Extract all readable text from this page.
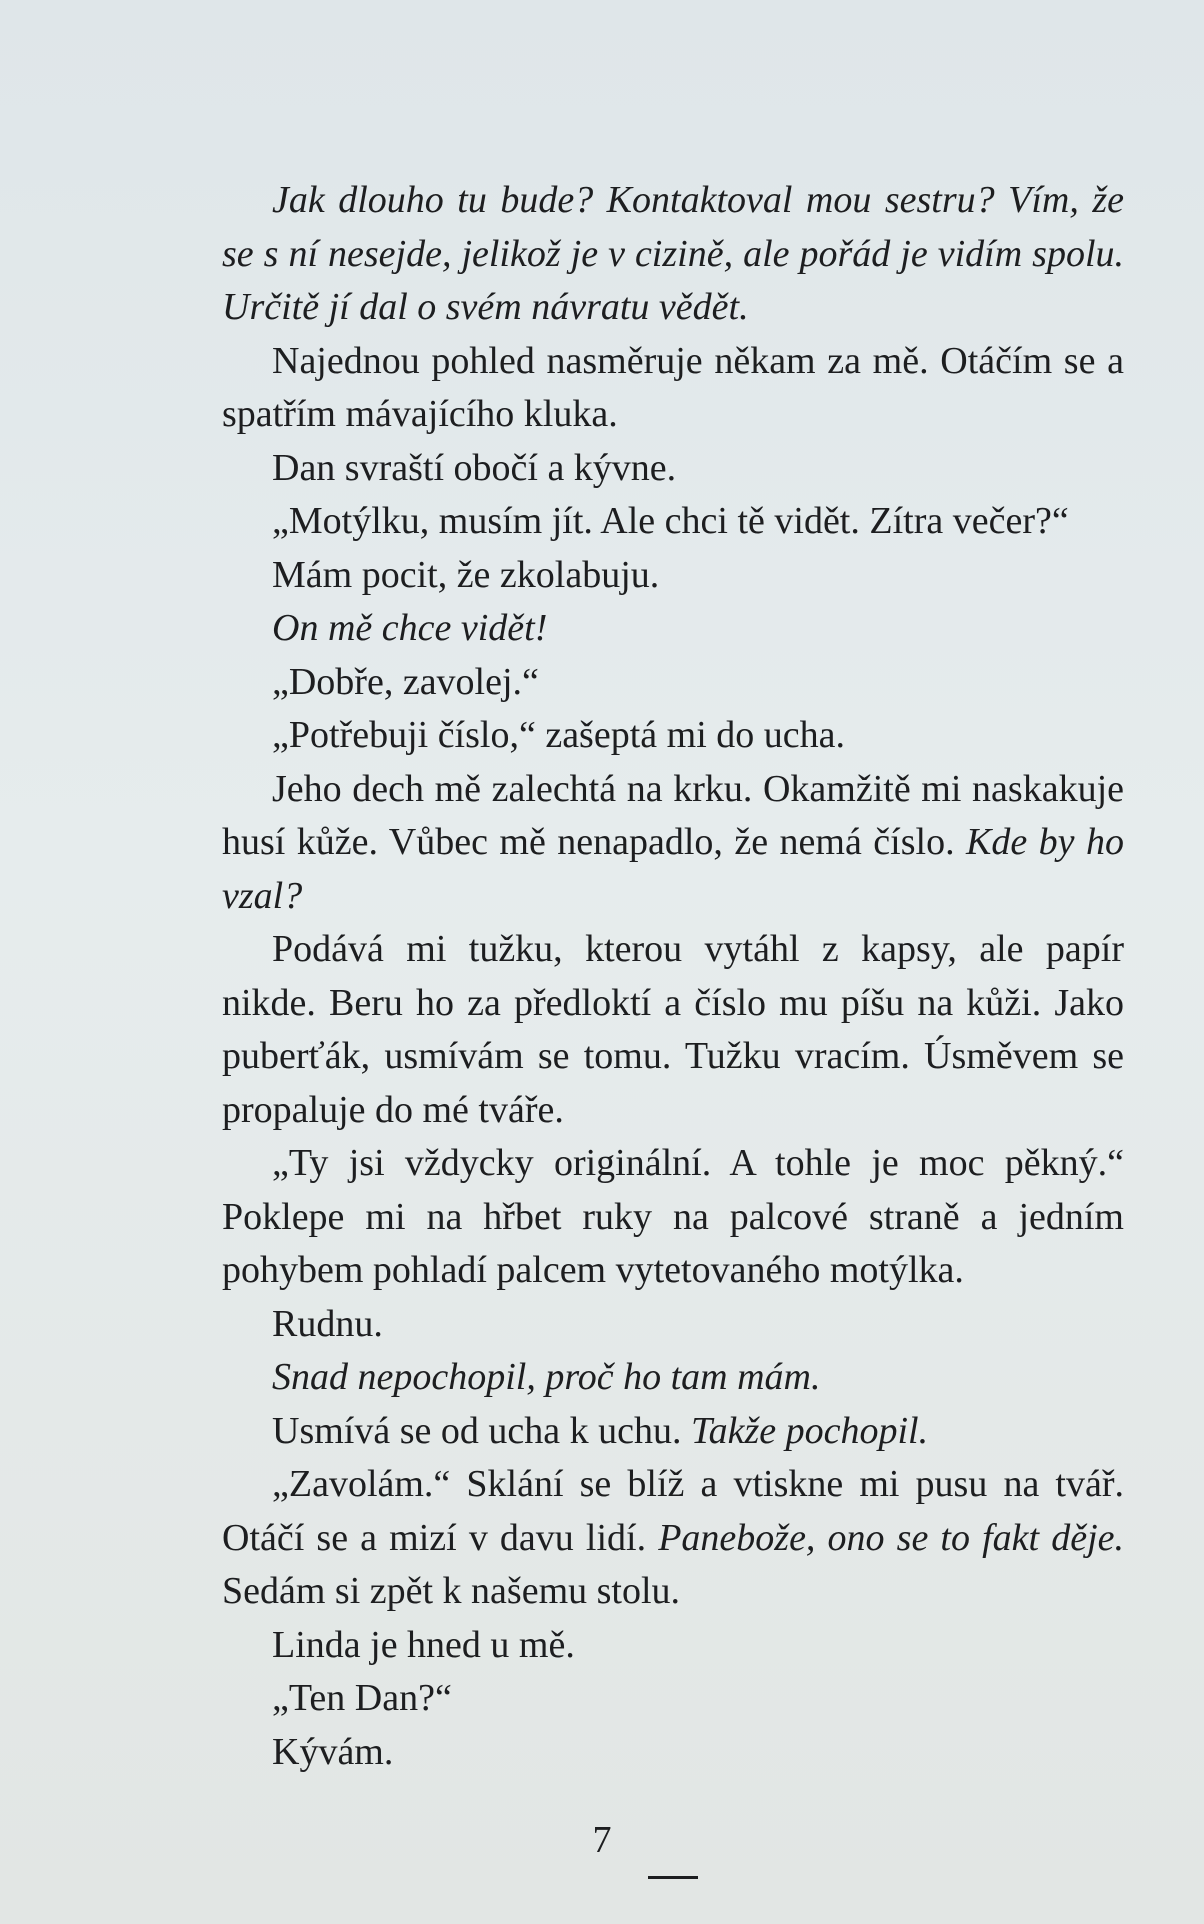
Jak dlouho tu bude? Kontaktoval mou sestru? Vím, že se s ní nesejde, jelikož je v cizině, ale pořád je vidím spolu. Určitě jí dal o svém návratu vědět.

Najednou pohled nasměruje někam za mě. Otáčím se a spatřím mávajícího kluka.

Dan svraští obočí a kývne.

„Motýlku, musím jít. Ale chci tě vidět. Zítra večer?“

Mám pocit, že zkolabuju.

On mě chce vidět!

„Dobře, zavolej.“

„Potřebuji číslo,“ zašeptá mi do ucha.

Jeho dech mě zalechtá na krku. Okamžitě mi naskakuje husí kůže. Vůbec mě nenapadlo, že nemá číslo. Kde by ho vzal?

Podává mi tužku, kterou vytáhl z kapsy, ale papír nikde. Beru ho za předloktí a číslo mu píšu na kůži. Jako puberťák, usmívám se tomu. Tužku vracím. Úsměvem se propaluje do mé tváře.

„Ty jsi vždycky originální. A tohle je moc pěkný.“ Poklepe mi na hřbet ruky na palcové straně a jedním pohybem pohladí palcem vytetovaného motýlka.

Rudnu.

Snad nepochopil, proč ho tam mám.

Usmívá se od ucha k uchu. Takže pochopil.

„Zavolám.“ Sklání se blíž a vtiskne mi pusu na tvář. Otáčí se a mizí v davu lidí. Panebože, ono se to fakt děje. Sedám si zpět k našemu stolu.

Linda je hned u mě.

„Ten Dan?“

Kývám.

7
